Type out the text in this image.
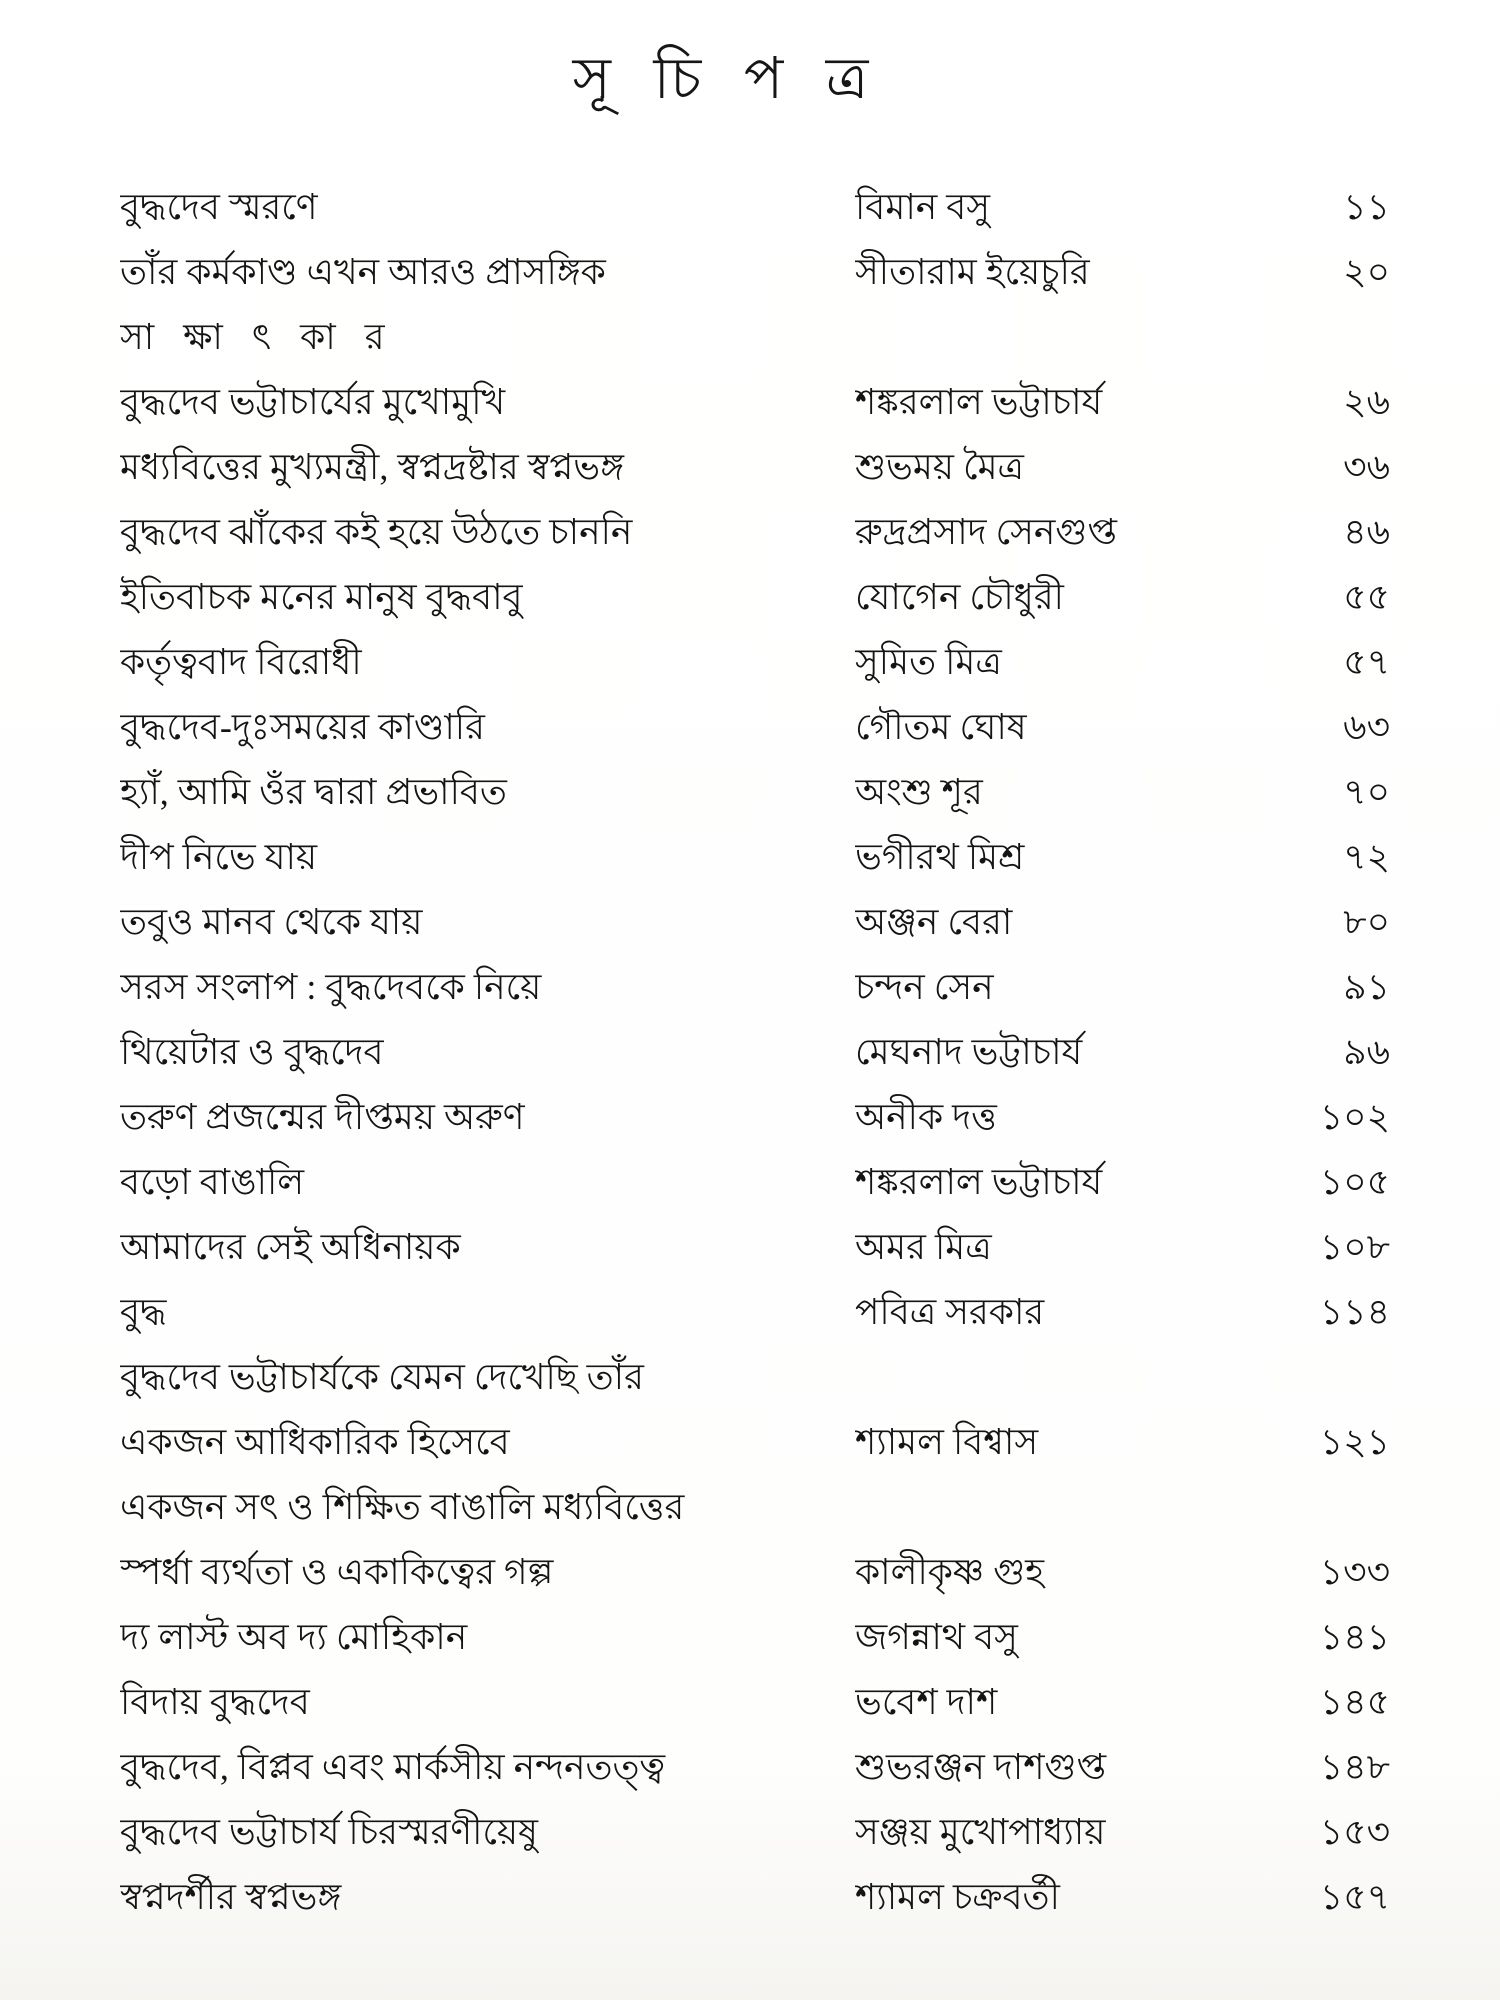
সূ চি প ত্র
বুদ্ধদেব স্মরণে	বিমান বসু	১১
তাঁর কর্মকাণ্ড এখন আরও প্রাসঙ্গিক	সীতারাম ইয়েচুরি	২০
সা ক্ষা ৎ কা র
বুদ্ধদেব ভট্টাচার্যের মুখোমুখি	শঙ্করলাল ভট্টাচার্য	২৬
মধ্যবিত্তের মুখ্যমন্ত্রী, স্বপ্নদ্রষ্টার স্বপ্নভঙ্গ	শুভময় মৈত্র	৩৬
বুদ্ধদেব ঝাঁকের কই হয়ে উঠতে চাননি	রুদ্রপ্রসাদ সেনগুপ্ত	৪৬
ইতিবাচক মনের মানুষ বুদ্ধবাবু	যোগেন চৌধুরী	৫৫
কর্তৃত্ববাদ বিরোধী	সুমিত মিত্র	৫৭
বুদ্ধদেব-দুঃসময়ের কাণ্ডারি	গৌতম ঘোষ	৬৩
হ্যাঁ, আমি ওঁর দ্বারা প্রভাবিত	অংশু শূর	৭০
দীপ নিভে যায়	ভগীরথ মিশ্র	৭২
তবুও মানব থেকে যায়	অঞ্জন বেরা	৮০
সরস সংলাপ : বুদ্ধদেবকে নিয়ে	চন্দন সেন	৯১
থিয়েটার ও বুদ্ধদেব	মেঘনাদ ভট্টাচার্য	৯৬
তরুণ প্রজন্মের দীপ্তময় অরুণ	অনীক দত্ত	১০২
বড়ো বাঙালি	শঙ্করলাল ভট্টাচার্য	১০৫
আমাদের সেই অধিনায়ক	অমর মিত্র	১০৮
বুদ্ধ	পবিত্র সরকার	১১৪
বুদ্ধদেব ভট্টাচার্যকে যেমন দেখেছি তাঁর
একজন আধিকারিক হিসেবে	শ্যামল বিশ্বাস	১২১
একজন সৎ ও শিক্ষিত বাঙালি মধ্যবিত্তের
স্পর্ধা ব্যর্থতা ও একাকিত্বের গল্প	কালীকৃষ্ণ গুহ	১৩৩
দ্য লাস্ট অব দ্য মোহিকান	জগন্নাথ বসু	১৪১
বিদায় বুদ্ধদেব	ভবেশ দাশ	১৪৫
বুদ্ধদেব, বিপ্লব এবং মার্কসীয় নন্দনতত্ত্ব	শুভরঞ্জন দাশগুপ্ত	১৪৮
বুদ্ধদেব ভট্টাচার্য চিরস্মরণীয়েষু	সঞ্জয় মুখোপাধ্যায়	১৫৩
স্বপ্নদর্শীর স্বপ্নভঙ্গ	শ্যামল চক্রবর্তী	১৫৭
